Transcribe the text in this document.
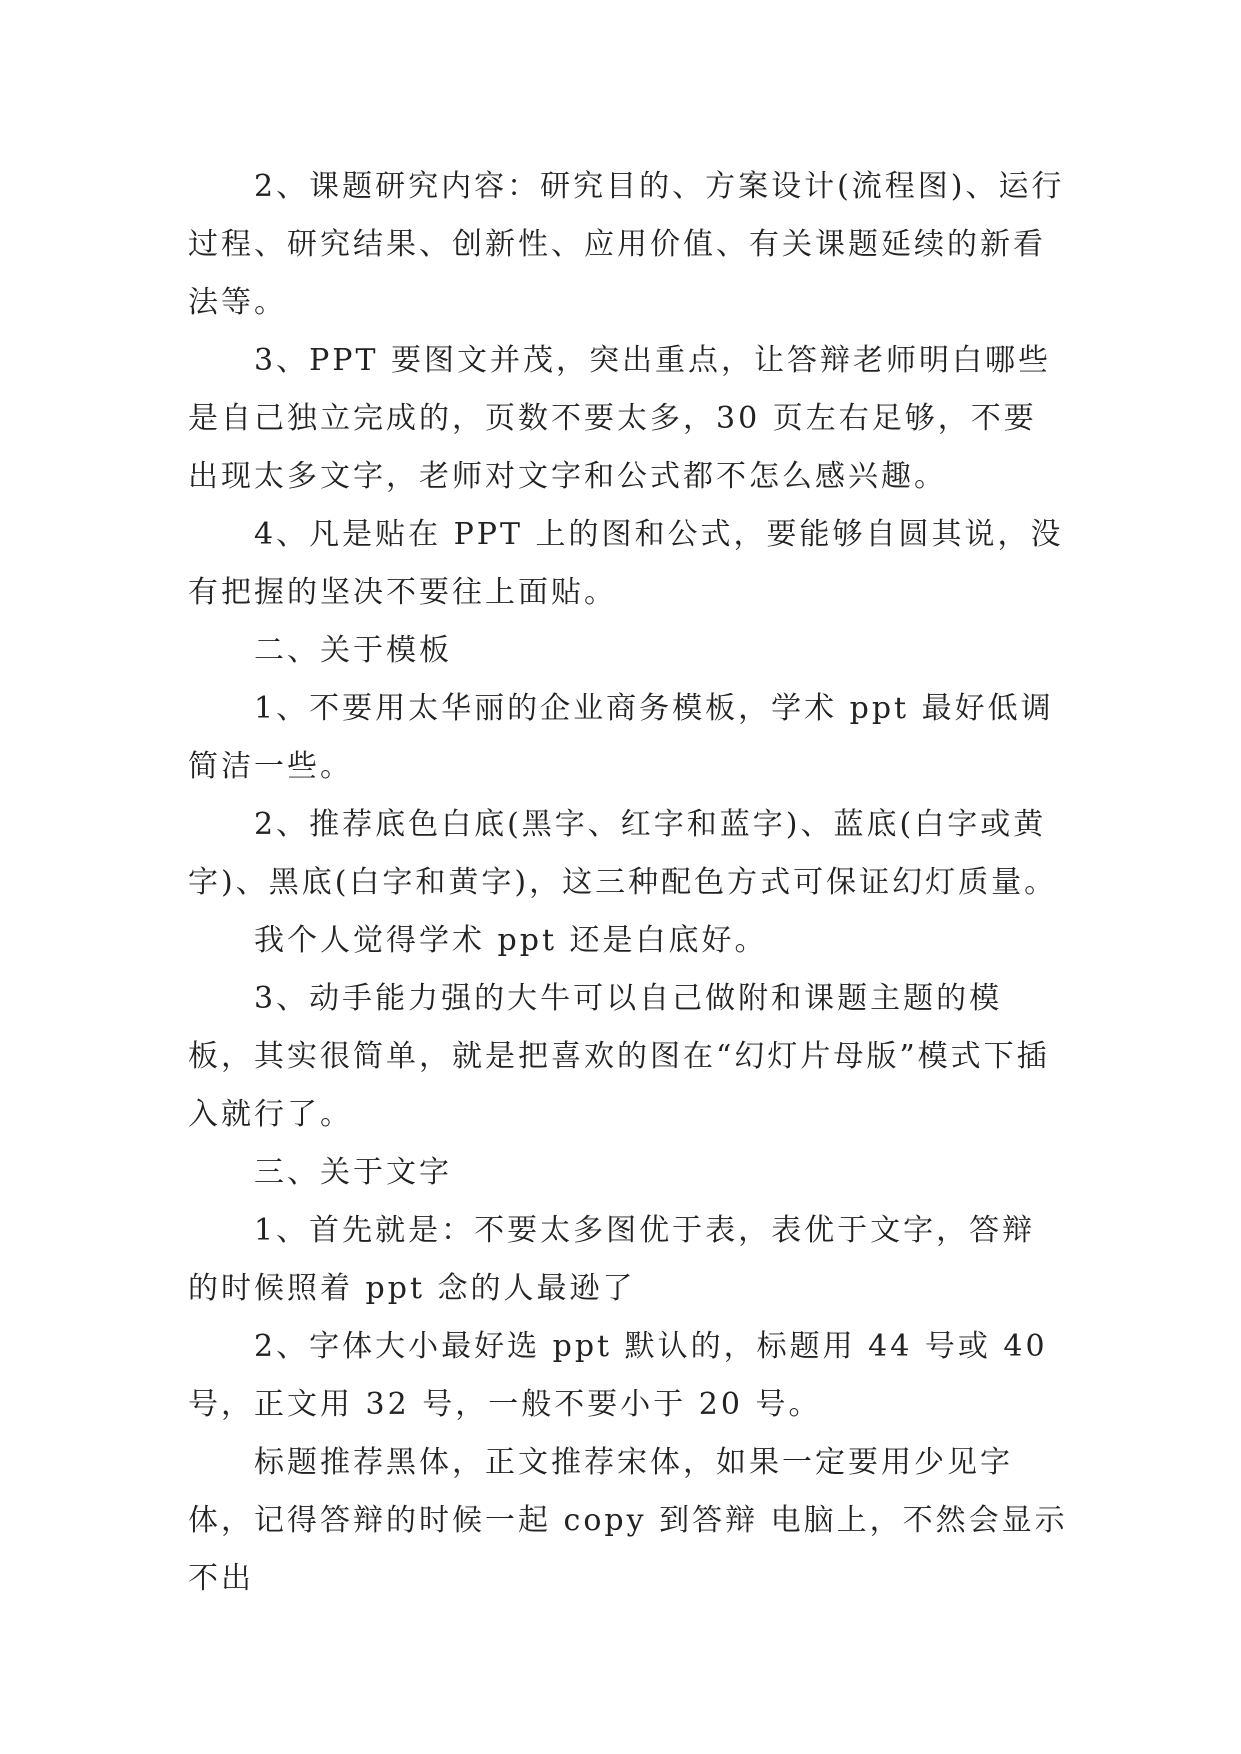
2、课题研究内容：研究目的、方案设计(流程图)、运行过程、研究结果、创新性、应用价值、有关课题延续的新看法等。

3、PPT 要图文并茂，突出重点，让答辩老师明白哪些是自己独立完成的，页数不要太多，30 页左右足够，不要出现太多文字，老师对文字和公式都不怎么感兴趣。

4、凡是贴在 PPT 上的图和公式，要能够自圆其说，没有把握的坚决不要往上面贴。

二、关于模板

1、不要用太华丽的企业商务模板，学术 ppt 最好低调简洁一些。

2、推荐底色白底(黑字、红字和蓝字)、蓝底(白字或黄字)、黑底(白字和黄字)，这三种配色方式可保证幻灯质量。

我个人觉得学术 ppt 还是白底好。

3、动手能力强的大牛可以自己做附和课题主题的模板，其实很简单，就是把喜欢的图在“幻灯片母版”模式下插入就行了。

三、关于文字

1、首先就是：不要太多图优于表，表优于文字，答辩的时候照着 ppt 念的人最逊了

2、字体大小最好选 ppt 默认的，标题用 44 号或 40 号，正文用 32 号，一般不要小于 20 号。

标题推荐黑体，正文推荐宋体，如果一定要用少见字体，记得答辩的时候一起 copy 到答辩 电脑上，不然会显示不出
